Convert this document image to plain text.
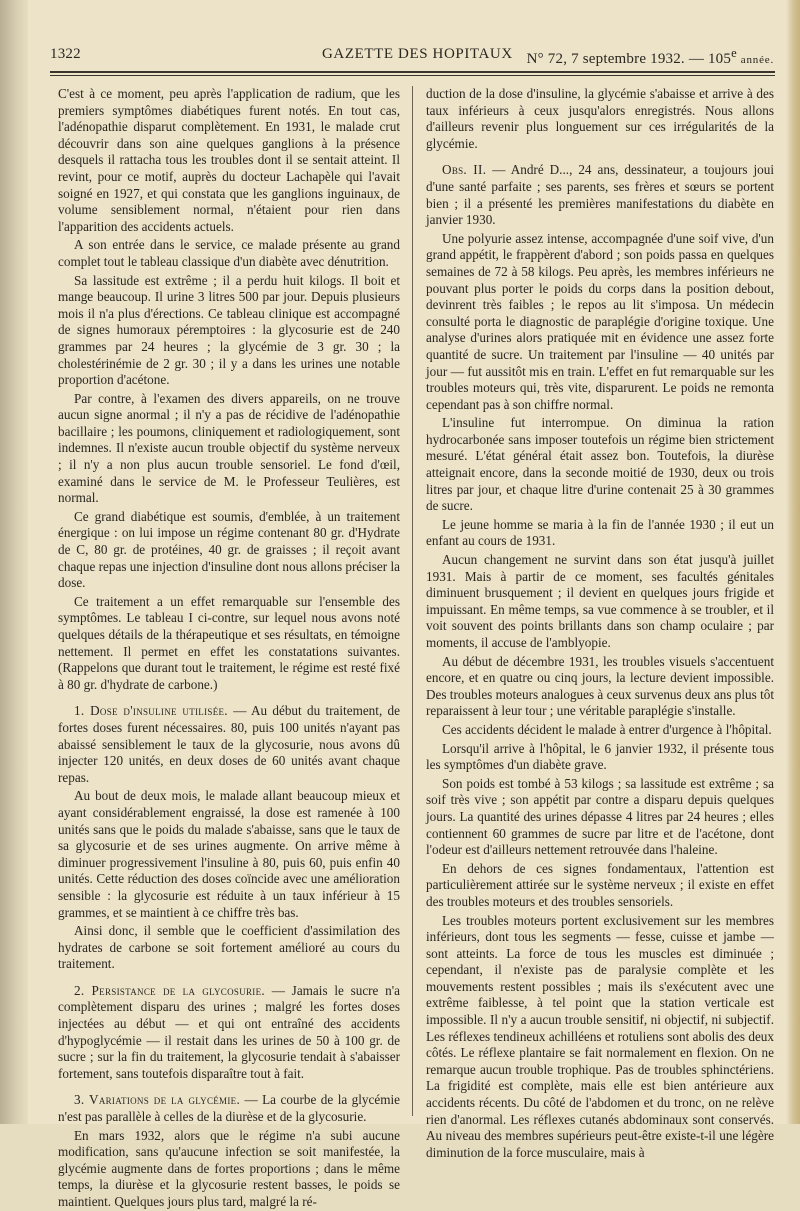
1322	GAZETTE DES HOPITAUX N° 72, 7 septembre 1932. — 105e année.

C'est à ce moment, peu après l'application de radium, que les premiers symptômes diabétiques furent notés. En tout cas, l'adénopathie disparut complètement. En 1931, le malade crut découvrir dans son aine quelques ganglions à la présence desquels il rattacha tous les troubles dont il se sentait atteint. Il revint, pour ce motif, auprès du docteur Lachapèle qui l'avait soigné en 1927, et qui constata que les ganglions inguinaux, de volume sensiblement normal, n'étaient pour rien dans l'apparition des accidents actuels.

A son entrée dans le service, ce malade présente au grand complet tout le tableau classique d'un diabète avec dénutrition.

Sa lassitude est extrême ; il a perdu huit kilogs. Il boit et mange beaucoup. Il urine 3 litres 500 par jour. Depuis plusieurs mois il n'a plus d'érections. Ce tableau clinique est accompagné de signes humoraux péremptoires : la glycosurie est de 240 grammes par 24 heures ; la glycémie de 3 gr. 30 ; la cholestérinémie de 2 gr. 30 ; il y a dans les urines une notable proportion d'acétone.

Par contre, à l'examen des divers appareils, on ne trouve aucun signe anormal ; il n'y a pas de récidive de l'adénopathie bacillaire ; les poumons, cliniquement et radiologiquement, sont indemnes. Il n'existe aucun trouble objectif du système nerveux ; il n'y a non plus aucun trouble sensoriel. Le fond d'œil, examiné dans le service de M. le Professeur Teulières, est normal.

Ce grand diabétique est soumis, d'emblée, à un traitement énergique : on lui impose un régime contenant 80 gr. d'Hydrate de C, 80 gr. de protéines, 40 gr. de graisses ; il reçoit avant chaque repas une injection d'insuline dont nous allons préciser la dose.

Ce traitement a un effet remarquable sur l'ensemble des symptômes. Le tableau I ci-contre, sur lequel nous avons noté quelques détails de la thérapeutique et ses résultats, en témoigne nettement. Il permet en effet les constatations suivantes. (Rappelons que durant tout le traitement, le régime est resté fixé à 80 gr. d'hydrate de carbone.)

1. Dose d'insuline utilisée. — Au début du traitement, de fortes doses furent nécessaires. 80, puis 100 unités n'ayant pas abaissé sensiblement le taux de la glycosurie, nous avons dû injecter 120 unités, en deux doses de 60 unités avant chaque repas.

Au bout de deux mois, le malade allant beaucoup mieux et ayant considérablement engraissé, la dose est ramenée à 100 unités sans que le poids du malade s'abaisse, sans que le taux de sa glycosurie et de ses urines augmente. On arrive même à diminuer progressivement l'insuline à 80, puis 60, puis enfin 40 unités. Cette réduction des doses coïncide avec une amélioration sensible : la glycosurie est réduite à un taux inférieur à 15 grammes, et se maintient à ce chiffre très bas.

Ainsi donc, il semble que le coefficient d'assimilation des hydrates de carbone se soit fortement amélioré au cours du traitement.

2. Persistance de la glycosurie. — Jamais le sucre n'a complètement disparu des urines ; malgré les fortes doses injectées au début — et qui ont entraîné des accidents d'hypoglycémie — il restait dans les urines de 50 à 100 gr. de sucre ; sur la fin du traitement, la glycosurie tendait à s'abaisser fortement, sans toutefois disparaître tout à fait.

3. Variations de la glycémie. — La courbe de la glycémie n'est pas parallèle à celles de la diurèse et de la glycosurie.

En mars 1932, alors que le régime n'a subi aucune modification, sans qu'aucune infection se soit manifestée, la glycémie augmente dans de fortes proportions ; dans le même temps, la diurèse et la glycosurie restent basses, le poids se maintient. Quelques jours plus tard, malgré la ré-

duction de la dose d'insuline, la glycémie s'abaisse et arrive à des taux inférieurs à ceux jusqu'alors enregistrés. Nous allons d'ailleurs revenir plus longuement sur ces irrégularités de la glycémie.

Obs. II. — André D..., 24 ans, dessinateur, a toujours joui d'une santé parfaite ; ses parents, ses frères et sœurs se portent bien ; il a présenté les premières manifestations du diabète en janvier 1930.

Une polyurie assez intense, accompagnée d'une soif vive, d'un grand appétit, le frappèrent d'abord ; son poids passa en quelques semaines de 72 à 58 kilogs. Peu après, les membres inférieurs ne pouvant plus porter le poids du corps dans la position debout, devinrent très faibles ; le repos au lit s'imposa. Un médecin consulté porta le diagnostic de paraplégie d'origine toxique. Une analyse d'urines alors pratiquée mit en évidence une assez forte quantité de sucre. Un traitement par l'insuline — 40 unités par jour — fut aussitôt mis en train. L'effet en fut remarquable sur les troubles moteurs qui, très vite, disparurent. Le poids ne remonta cependant pas à son chiffre normal.

L'insuline fut interrompue. On diminua la ration hydrocarbonée sans imposer toutefois un régime bien strictement mesuré. L'état général était assez bon. Toutefois, la diurèse atteignait encore, dans la seconde moitié de 1930, deux ou trois litres par jour, et chaque litre d'urine contenait 25 à 30 grammes de sucre.

Le jeune homme se maria à la fin de l'année 1930 ; il eut un enfant au cours de 1931.

Aucun changement ne survint dans son état jusqu'à juillet 1931. Mais à partir de ce moment, ses facultés génitales diminuent brusquement ; il devient en quelques jours frigide et impuissant. En même temps, sa vue commence à se troubler, et il voit souvent des points brillants dans son champ oculaire ; par moments, il accuse de l'amblyopie.

Au début de décembre 1931, les troubles visuels s'accentuent encore, et en quatre ou cinq jours, la lecture devient impossible. Des troubles moteurs analogues à ceux survenus deux ans plus tôt reparaissent à leur tour ; une véritable paraplégie s'installe.

Ces accidents décident le malade à entrer d'urgence à l'hôpital.

Lorsqu'il arrive à l'hôpital, le 6 janvier 1932, il présente tous les symptômes d'un diabète grave.

Son poids est tombé à 53 kilogs ; sa lassitude est extrême ; sa soif très vive ; son appétit par contre a disparu depuis quelques jours. La quantité des urines dépasse 4 litres par 24 heures ; elles contiennent 60 grammes de sucre par litre et de l'acétone, dont l'odeur est d'ailleurs nettement retrouvée dans l'haleine.

En dehors de ces signes fondamentaux, l'attention est particulièrement attirée sur le système nerveux ; il existe en effet des troubles moteurs et des troubles sensoriels.

Les troubles moteurs portent exclusivement sur les membres inférieurs, dont tous les segments — fesse, cuisse et jambe — sont atteints. La force de tous les muscles est diminuée ; cependant, il n'existe pas de paralysie complète et les mouvements restent possibles ; mais ils s'exécutent avec une extrême faiblesse, à tel point que la station verticale est impossible. Il n'y a aucun trouble sensitif, ni objectif, ni subjectif. Les réflexes tendineux achilléens et rotuliens sont abolis des deux côtés. Le réflexe plantaire se fait normalement en flexion. On ne remarque aucun trouble trophique. Pas de troubles sphinctériens. La frigidité est complète, mais elle est bien antérieure aux accidents récents. Du côté de l'abdomen et du tronc, on ne relève rien d'anormal. Les réflexes cutanés abdominaux sont conservés. Au niveau des membres supérieurs peut-être existe-t-il une légère diminution de la force musculaire, mais à
